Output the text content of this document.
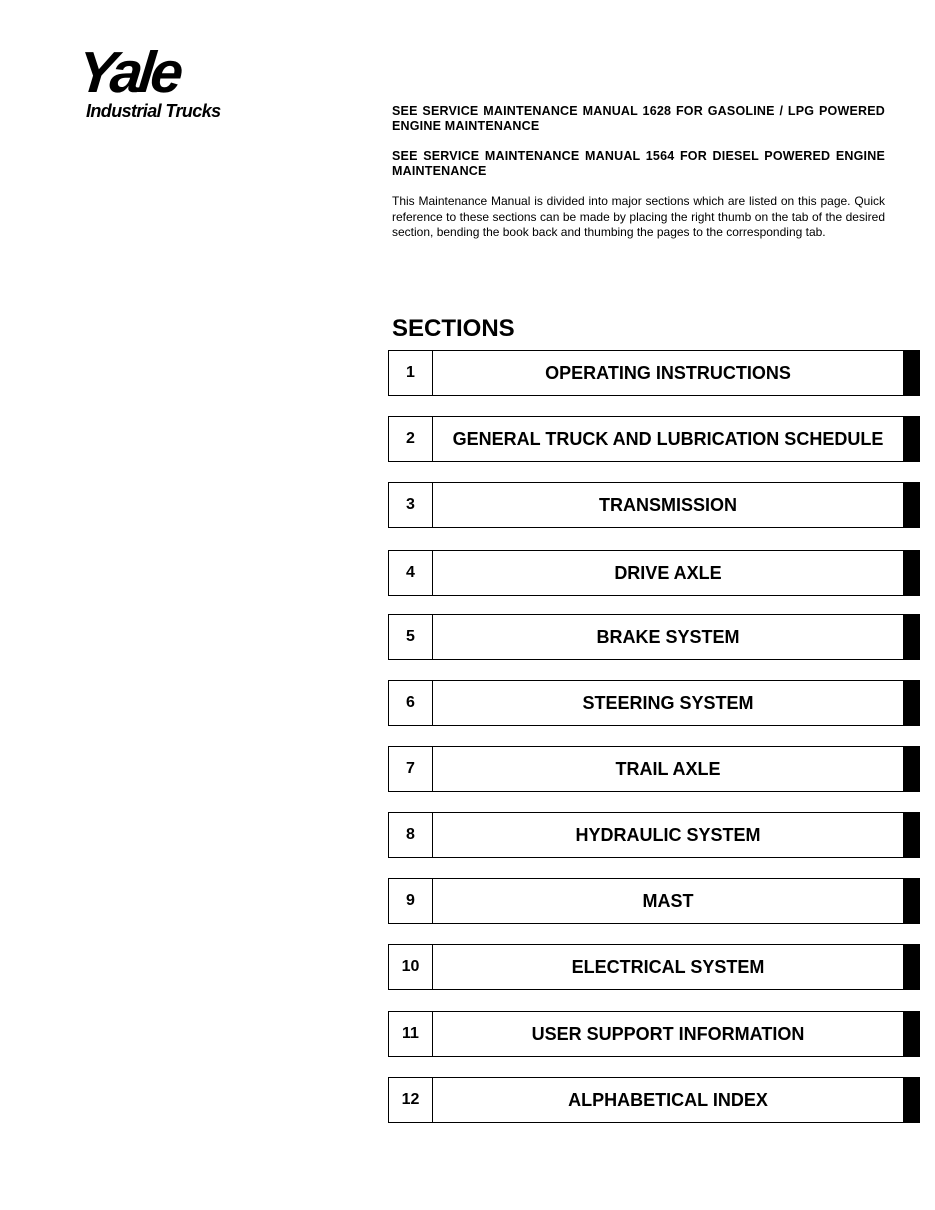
Yale
Industrial Trucks	SEE SERVICE MAINTENANCE MANUAL 1628 FOR GASOLINE / LPG POWERED ENGINE MAINTENANCE

SEE SERVICE MAINTENANCE MANUAL 1564 FOR DIESEL POWERED ENGINE MAINTENANCE

This Maintenance Manual is divided into major sections which are listed on this page. Quick reference to these sections can be made by placing the right thumb on the tab of the desired section, bending the book back and thumbing the pages to the corresponding tab.

SECTIONS
1	OPERATING INSTRUCTIONS
2	GENERAL TRUCK AND LUBRICATION SCHEDULE
3	TRANSMISSION
4	DRIVE AXLE
5	BRAKE SYSTEM
6	STEERING SYSTEM
7	TRAIL AXLE
8	HYDRAULIC SYSTEM
9	MAST
10	ELECTRICAL SYSTEM
11	USER SUPPORT INFORMATION
12	ALPHABETICAL INDEX
